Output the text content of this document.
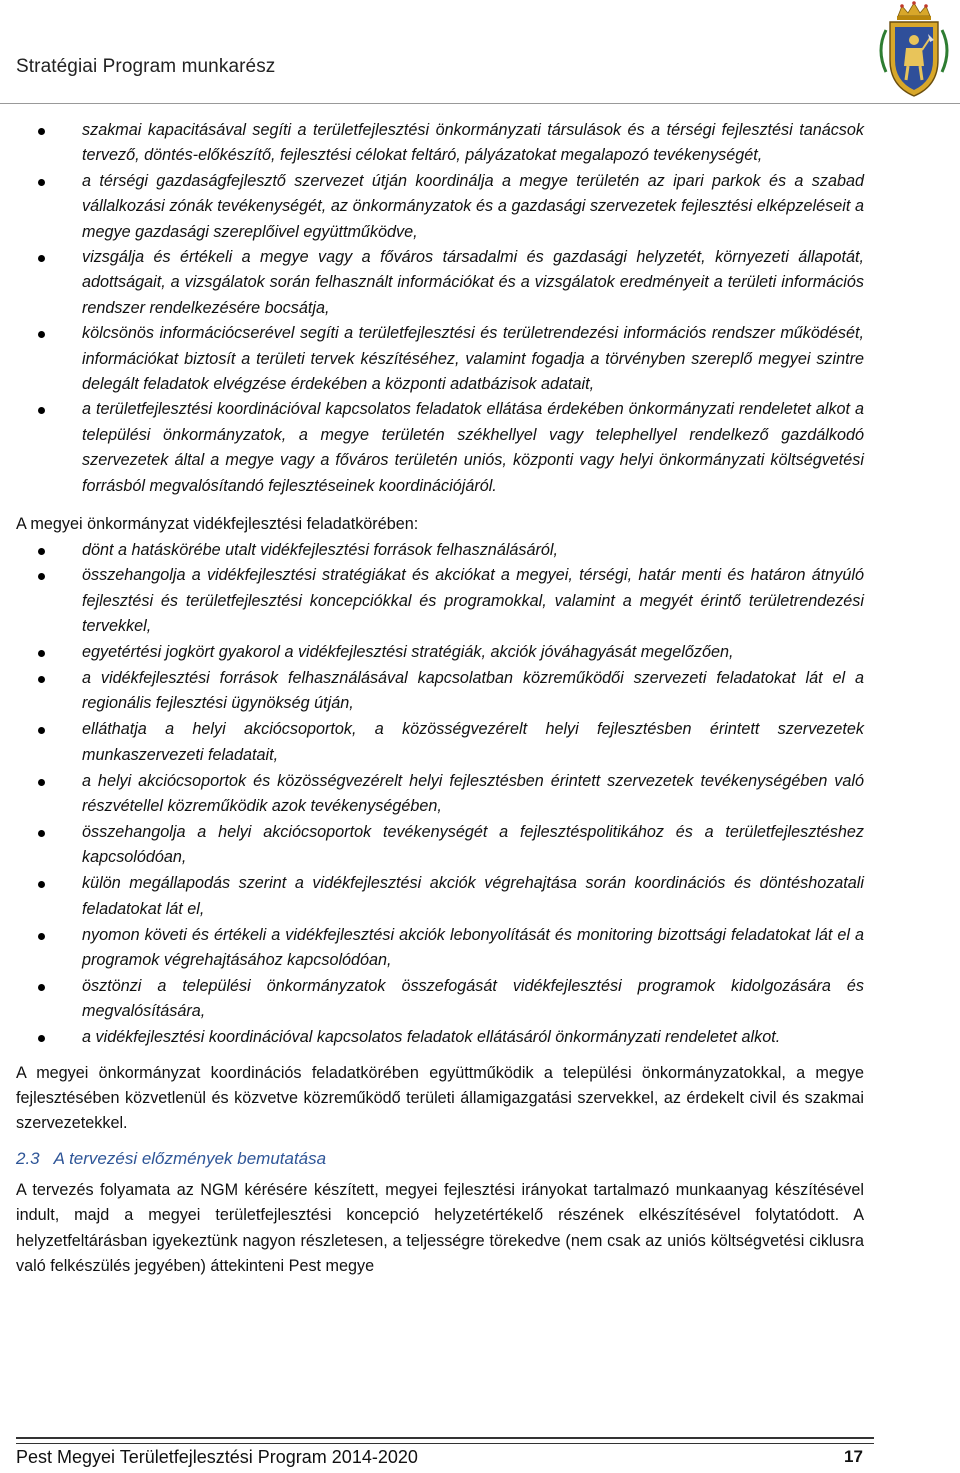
Stratégiai Program munkarész
szakmai kapacitásával segíti a területfejlesztési önkormányzati társulások és a térségi fejlesztési tanácsok tervező, döntés-előkészítő, fejlesztési célokat feltáró, pályázatokat megalapozó tevékenységét,
a térségi gazdaságfejlesztő szervezet útján koordinálja a megye területén az ipari parkok és a szabad vállalkozási zónák tevékenységét, az önkormányzatok és a gazdasági szervezetek fejlesztési elképzeléseit a megye gazdasági szereplőivel együttműködve,
vizsgálja és értékeli a megye vagy a főváros társadalmi és gazdasági helyzetét, környezeti állapotát, adottságait, a vizsgálatok során felhasznált információkat és a vizsgálatok eredményeit a területi információs rendszer rendelkezésére bocsátja,
kölcsönös információcserével segíti a területfejlesztési és területrendezési információs rendszer működését, információkat biztosít a területi tervek készítéséhez, valamint fogadja a törvényben szereplő megyei szintre delegált feladatok elvégzése érdekében a központi adatbázisok adatait,
a területfejlesztési koordinációval kapcsolatos feladatok ellátása érdekében önkormányzati rendeletet alkot a települési önkormányzatok, a megye területén székhellyel vagy telephellyel rendelkező gazdálkodó szervezetek által a megye vagy a főváros területén uniós, központi vagy helyi önkormányzati költségvetési forrásból megvalósítandó fejlesztéseinek koordinációjáról.

A megyei önkormányzat vidékfejlesztési feladatkörében:

dönt a hatáskörébe utalt vidékfejlesztési források felhasználásáról,
összehangolja a vidékfejlesztési stratégiákat és akciókat a megyei, térségi, határ menti és határon átnyúló fejlesztési és területfejlesztési koncepciókkal és programokkal, valamint a megyét érintő területrendezési tervekkel,
egyetértési jogkört gyakorol a vidékfejlesztési stratégiák, akciók jóváhagyását megelőzően,
a vidékfejlesztési források felhasználásával kapcsolatban közreműködői szervezeti feladatokat lát el a regionális fejlesztési ügynökség útján,
elláthatja a helyi akciócsoportok, a közösségvezérelt helyi fejlesztésben érintett szervezetek munkaszervezeti feladatait,
a helyi akciócsoportok és közösségvezérelt helyi fejlesztésben érintett szervezetek tevékenységében való részvétellel közreműködik azok tevékenységében,
összehangolja a helyi akciócsoportok tevékenységét a fejlesztéspolitikához és a területfejlesztéshez kapcsolódóan,
külön megállapodás szerint a vidékfejlesztési akciók végrehajtása során koordinációs és döntéshozatali feladatokat lát el,
nyomon követi és értékeli a vidékfejlesztési akciók lebonyolítását és monitoring bizottsági feladatokat lát el a programok végrehajtásához kapcsolódóan,
ösztönzi a települési önkormányzatok összefogását vidékfejlesztési programok kidolgozására és megvalósítására,
a vidékfejlesztési koordinációval kapcsolatos feladatok ellátásáról önkormányzati rendeletet alkot.

A megyei önkormányzat koordinációs feladatkörében együttműködik a települési önkormányzatokkal, a megye fejlesztésében közvetlenül és közvetve közreműködő területi államigazgatási szervekkel, az érdekelt civil és szakmai szervezetekkel.

2.3 A tervezési előzmények bemutatása

A tervezés folyamata az NGM kérésére készített, megyei fejlesztési irányokat tartalmazó munkaanyag készítésével indult, majd a megyei területfejlesztési koncepció helyzetértékelő részének elkészítésével folytatódott. A helyzetfeltárásban igyekeztünk nagyon részletesen, a teljességre törekedve (nem csak az uniós költségvetési ciklusra való felkészülés jegyében) áttekinteni Pest megye

Pest Megyei Területfejlesztési Program 2014-2020	17
